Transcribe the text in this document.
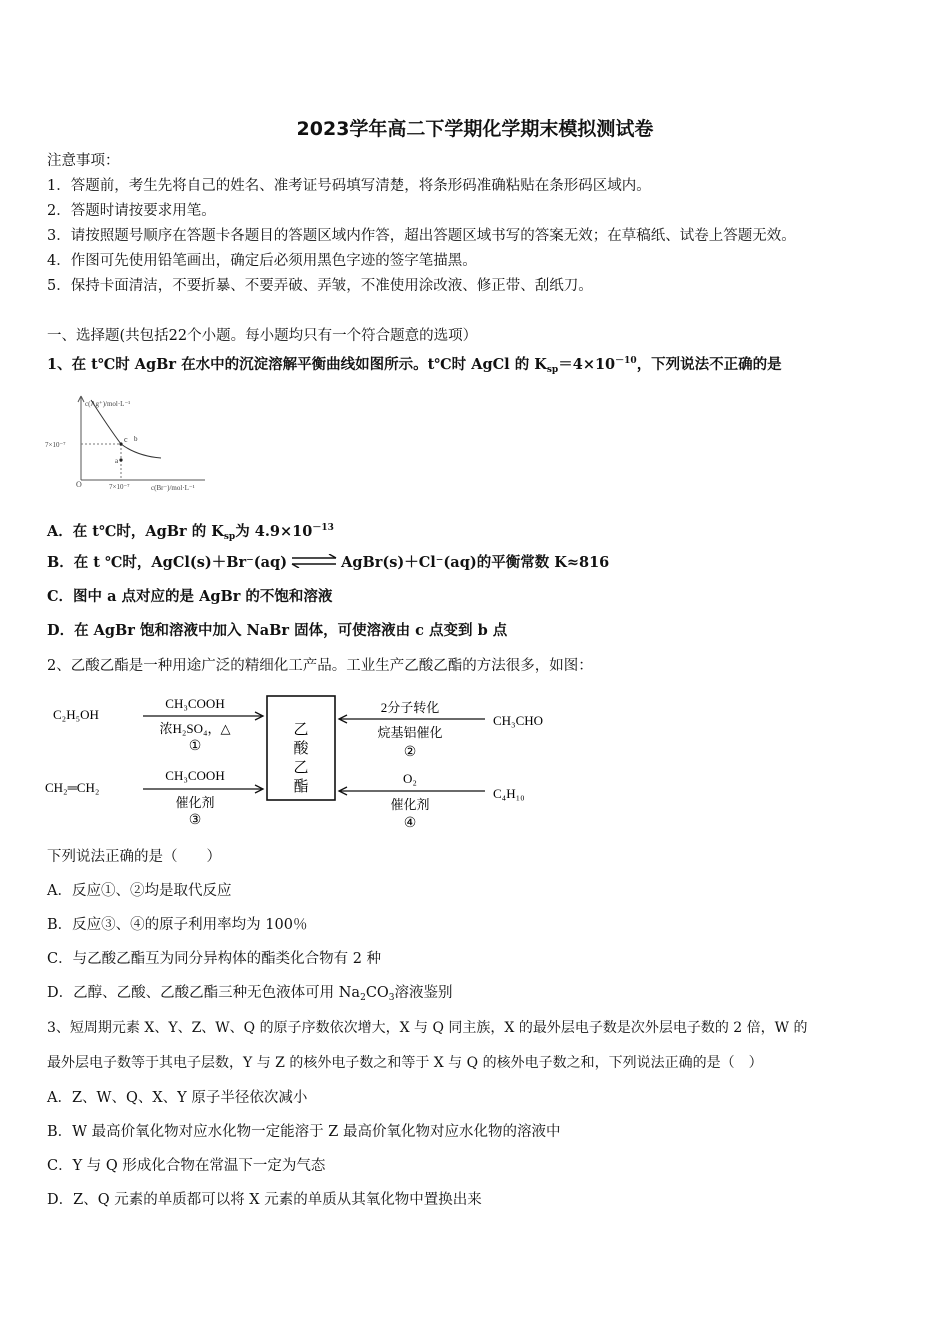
2023学年高二下学期化学期末模拟测试卷
注意事项：
1．答题前，考生先将自己的姓名、准考证号码填写清楚，将条形码准确粘贴在条形码区域内。
2．答题时请按要求用笔。
3．请按照题号顺序在答题卡各题目的答题区域内作答，超出答题区域书写的答案无效；在草稿纸、试卷上答题无效。
4．作图可先使用铅笔画出，确定后必须用黑色字迹的签字笔描黑。
5．保持卡面清洁，不要折暴、不要弄破、弄皱，不准使用涂改液、修正带、刮纸刀。
一、选择题(共包括22个小题。每小题均只有一个符合题意的选项）
1、在 t℃时 AgBr 在水中的沉淀溶解平衡曲线如图所示。t℃时 AgCl 的 $K_{sp}=4\times 10^{-10}$，下列说法不正确的是
c(Ag⁺)/mol·L⁻¹
7×10⁻⁷
7×10⁻⁷	c(Br⁻)/mol·L⁻¹
O
c
a
b
A．在 t℃时，AgBr 的 $K_{sp}$为 $4.9\times 10^{-13}$
B．在 t ℃时，AgCl(s)＋Br⁻(aq) ⇌ AgBr(s)＋Cl⁻(aq)的平衡常数 K≈816
C．图中 a 点对应的是 AgBr 的不饱和溶液
D．在 AgBr 饱和溶液中加入 NaBr 固体，可使溶液由 c 点变到 b 点
2、乙酸乙酯是一种用途广泛的精细化工产品。工业生产乙酸乙酯的方法很多，如图：
乙
酸
乙
酯
C₂H₅OH
CH₃COOH
浓H₂SO₄，△
①
CH₂═CH₂
CH₃COOH
催化剂
③
CH₃CHO
2分子转化
烷基铝催化
②
C₄H₁₀
O₂
催化剂
④
下列说法正确的是（　　）
A．反应①、②均是取代反应
B．反应③、④的原子利用率均为 100％
C．与乙酸乙酯互为同分异构体的酯类化合物有 2 种
D．乙醇、乙酸、乙酸乙酯三种无色液体可用 $Na_2CO_3$溶液鉴别
3、短周期元素 X、Y、Z、W、Q 的原子序数依次增大，X 与 Q 同主族，X 的最外层电子数是次外层电子数的 2 倍，W 的
最外层电子数等于其电子层数，Y 与 Z 的核外电子数之和等于 X 与 Q 的核外电子数之和，下列说法正确的是（　）
A．Z、W、Q、X、Y 原子半径依次减小
B．W 最高价氧化物对应水化物一定能溶于 Z 最高价氧化物对应水化物的溶液中
C．Y 与 Q 形成化合物在常温下一定为气态
D．Z、Q 元素的单质都可以将 X 元素的单质从其氧化物中置换出来
